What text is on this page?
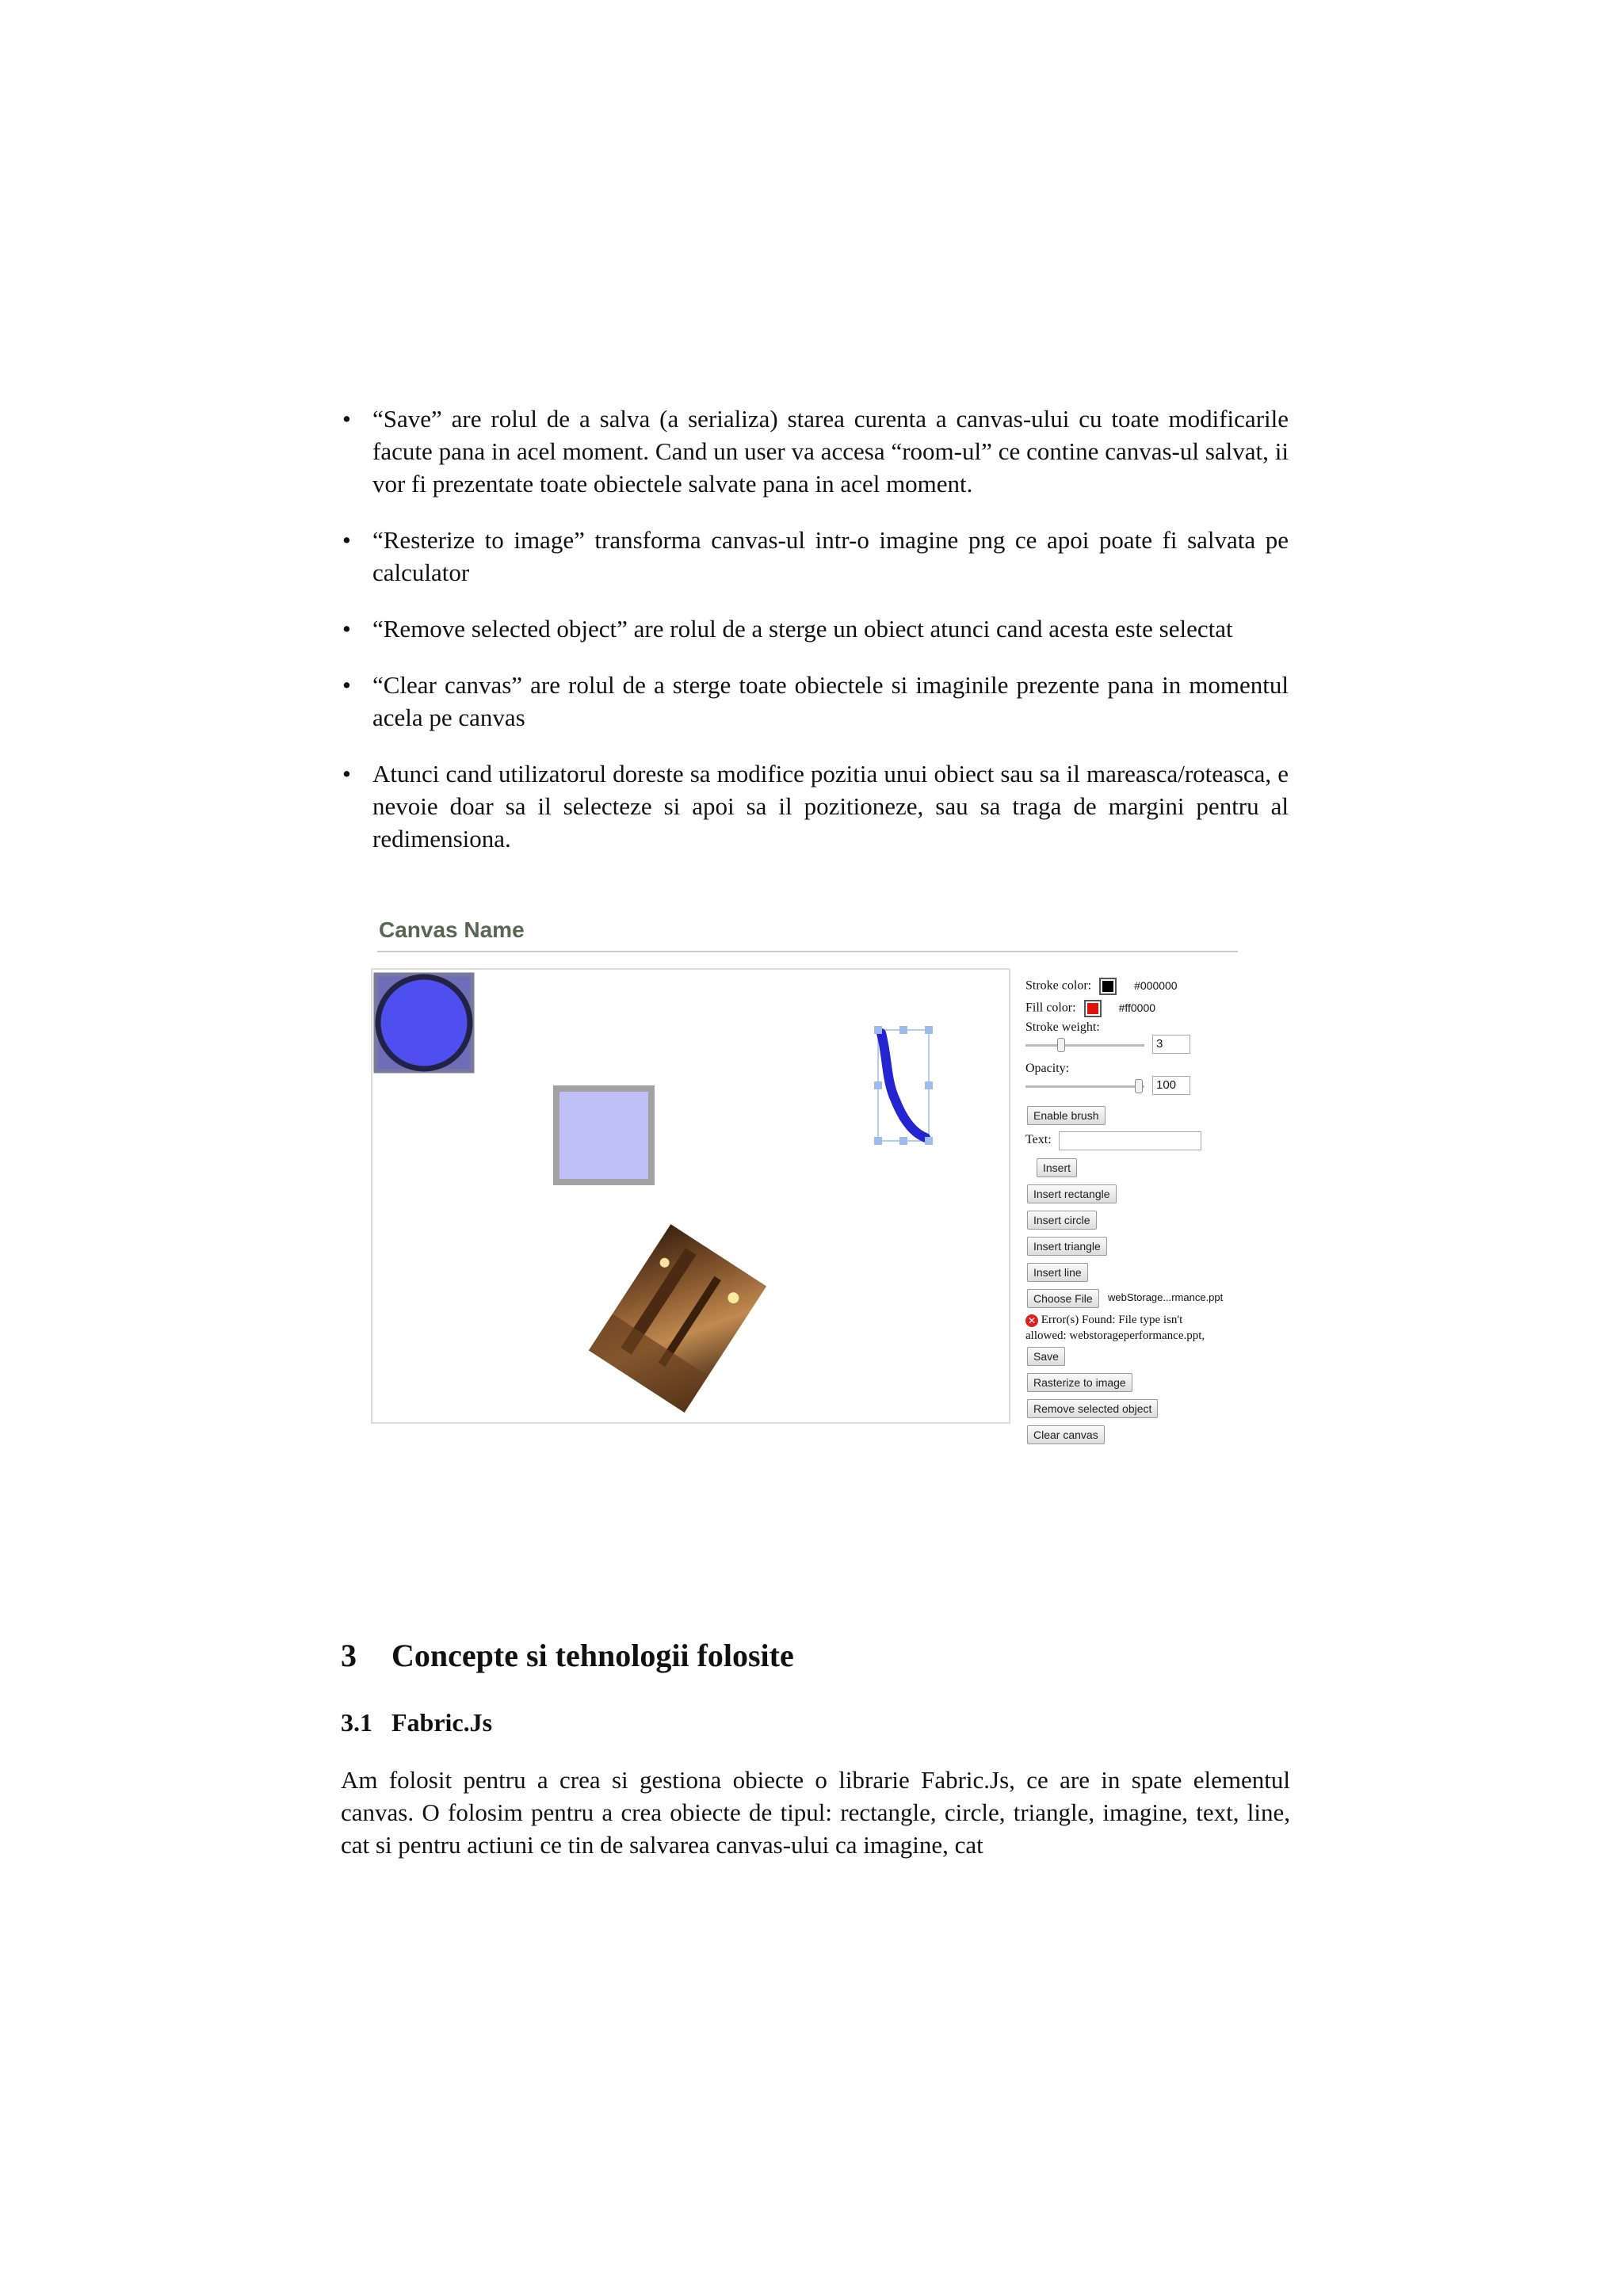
• “Save” are rolul de a salva (a serializa) starea curenta a canvas-ului cu toate modificarile facute pana in acel moment. Cand un user va accesa “room-ul” ce contine canvas-ul salvat, ii vor fi prezentate toate obiectele salvate pana in acel moment.
• “Resterize to image” transforma canvas-ul intr-o imagine png ce apoi poate fi salvata pe calculator
• “Remove selected object” are rolul de a sterge un obiect atunci cand acesta este selectat
• “Clear canvas” are rolul de a sterge toate obiectele si imaginile prezente pana in momentul acela pe canvas
• Atunci cand utilizatorul doreste sa modifice pozitia unui obiect sau sa il mareasca/roteasca, e nevoie doar sa il selecteze si apoi sa il pozitioneze, sau sa traga de margini pentru al redimensiona.
Canvas Name
Stroke color:	#000000
Fill color:	#ff0000
Stroke weight:
3
Opacity:
100
Enable brush
Text:
Insert
Insert rectangle
Insert circle
Insert triangle
Insert line
Choose File	webStorage...rmance.ppt
✕ Error(s) Found: File type isn't
allowed: webstorageperformance.ppt,
Save
Rasterize to image
Remove selected object
Clear canvas
3 Concepte si tehnologii folosite
3.1 Fabric.Js

Am folosit pentru a crea si gestiona obiecte o librarie Fabric.Js, ce are in spate elementul canvas. O folosim pentru a crea obiecte de tipul: rectangle, circle, triangle, imagine, text, line, cat si pentru actiuni ce tin de salvarea canvas-ului ca imagine, cat
